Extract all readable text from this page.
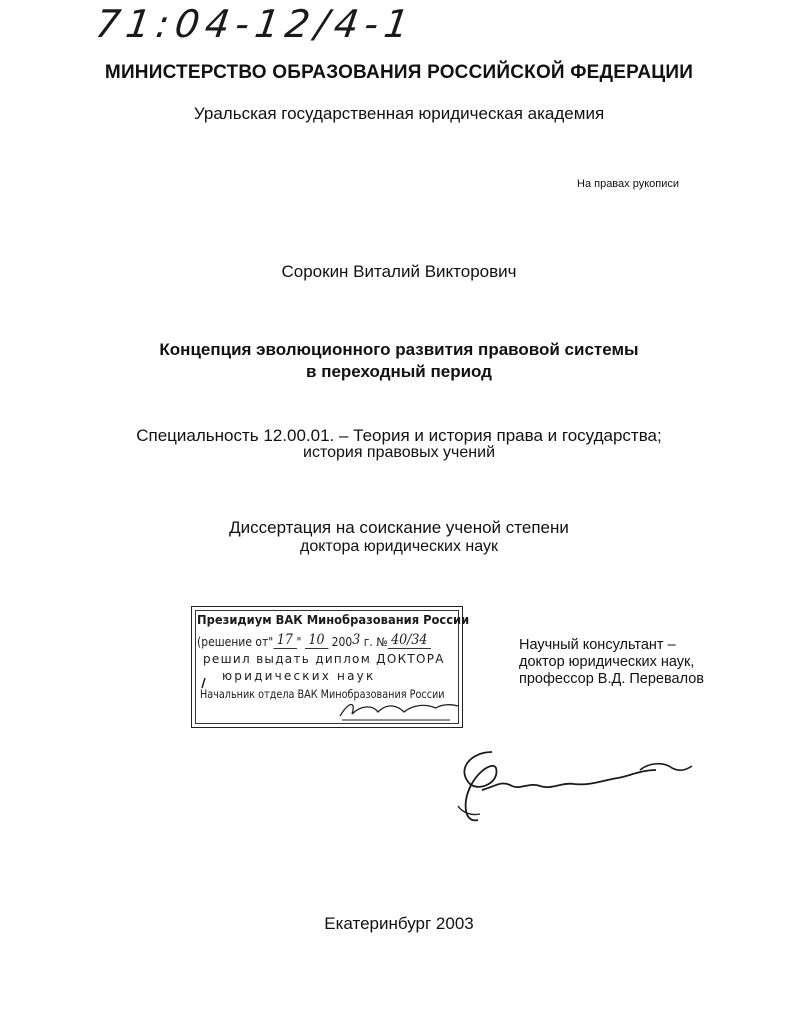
71:04-12/4-1
МИНИСТЕРСТВО ОБРАЗОВАНИЯ РОССИЙСКОЙ ФЕДЕРАЦИИ
Уральская государственная юридическая академия
На правах рукописи
Сорокин Виталий Викторович
Концепция эволюционного развития правовой системы
в переходный период
Специальность 12.00.01. – Теория и история права и государства;
история правовых учений
Диссертация на соискание ученой степени
доктора юридических наук
Президиум ВАК Минобразования России
(решение от" 17 " 10 2003 г. № 40/34
решил выдать диплом ДОКТОРА
юридических наук
Начальник отдела ВАК Минобразования России
Научный консультант –
доктор юридических наук,
профессор В.Д. Перевалов
Екатеринбург 2003
